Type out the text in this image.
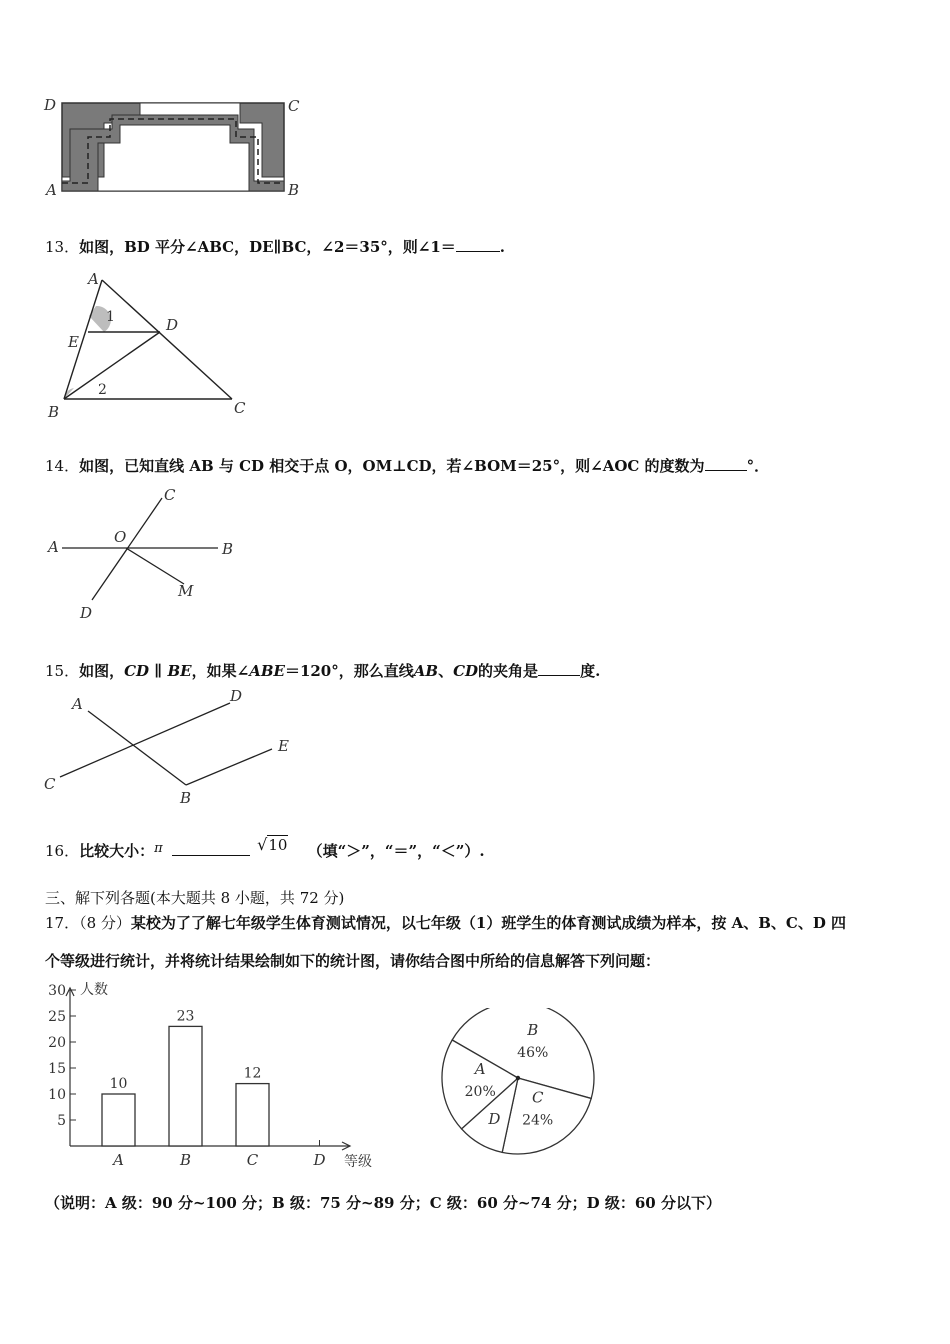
D	C
A	B
13．如图，BD 平分∠ABC，DE∥BC，∠2＝35°，则∠1＝	.
A
E
B
D
C
1
2
14．如图，已知直线 AB 与 CD 相交于点 O，OM⊥CD，若∠BOM＝25°，则∠AOC 的度数为	°．
A	B
C
D
O
M
15．如图，CD ∥ BE，如果∠ABE＝120°，那么直线AB、CD的夹角是	度.
A
B
C
D
E
16．比较大小：π	√10 （填“＞”，“＝”，“＜”）.
三、解下列各题(本大题共 8 小题，共 72 分)
17．（8 分）某校为了了解七年级学生体育测试情况，以七年级（1）班学生的体育测试成绩为样本，按 A、B、C、D 四
个等级进行统计，并将统计结果绘制如下的统计图，请你结合图中所给的信息解答下列问题：
人数
等级
5
10
15
20
25
30
10
A
23
B
12
C	D
B
46%
C
24%
D
A
20%
（说明：A 级：90 分~100 分；B 级：75 分~89 分；C 级：60 分~74 分；D 级：60 分以下）
